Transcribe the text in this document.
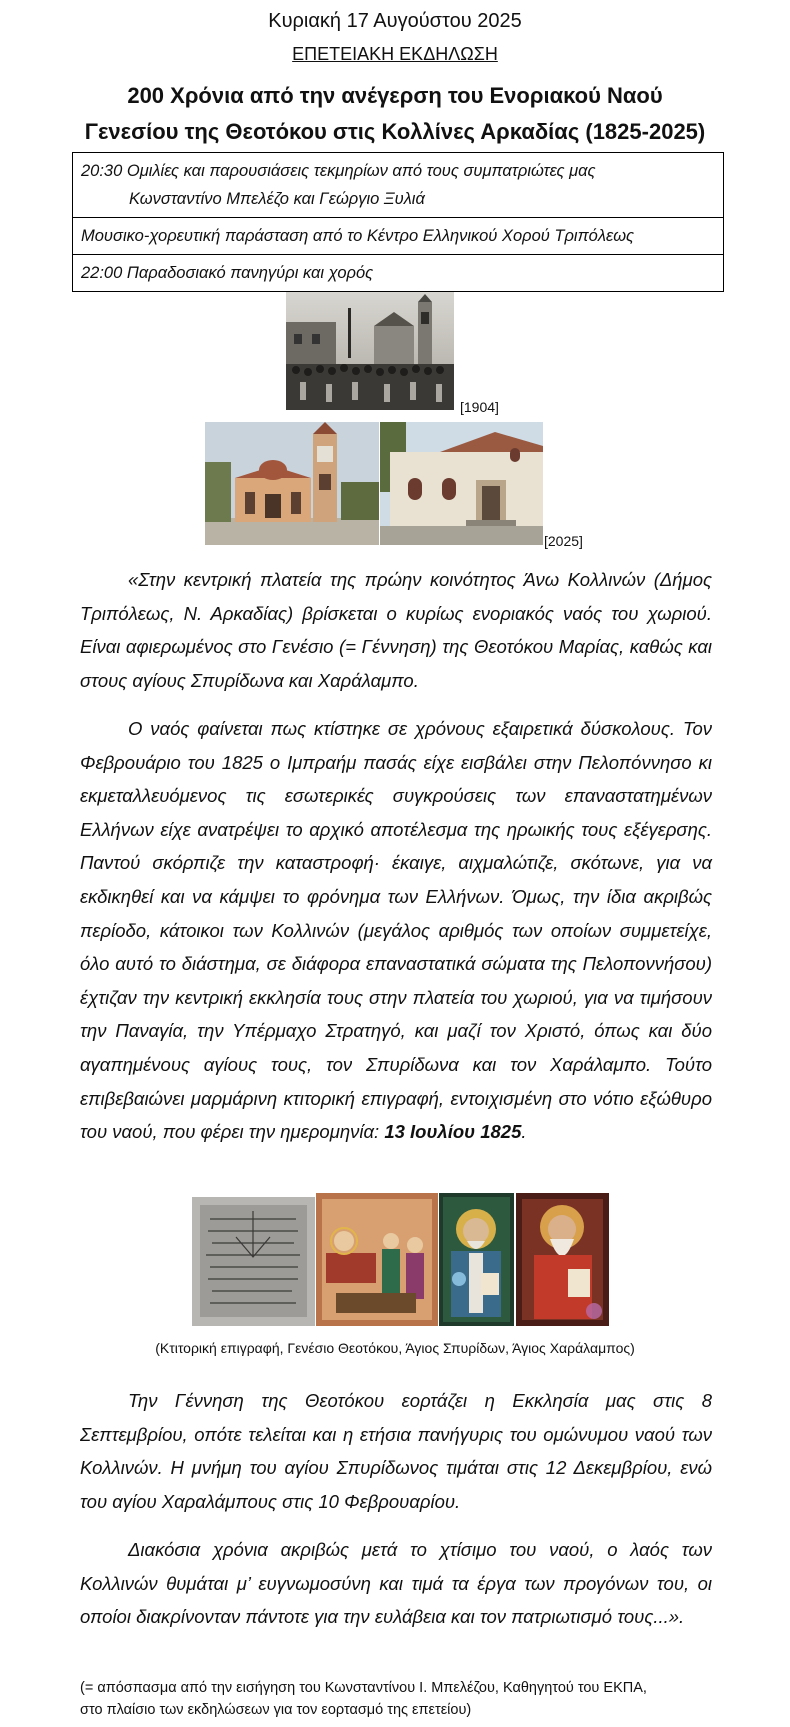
Κυριακή 17 Αυγούστου 2025
ΕΠΕΤΕΙΑΚΗ ΕΚΔΗΛΩΣΗ
200 Χρόνια από την ανέγερση του Ενοριακού Ναού
Γενεσίου της Θεοτόκου στις Κολλίνες Αρκαδίας (1825-2025)
20:30 Ομιλίες και παρουσιάσεις τεκμηρίων από τους συμπατριώτες μας
Κωνσταντίνο Μπελέζο και Γεώργιο Ξυλιά
Μουσικο-χορευτική παράσταση από το Κέντρο Ελληνικού Χορού Τριπόλεως
22:00 Παραδοσιακό πανηγύρι και χορός
[1904]
[2025]

«Στην κεντρική πλατεία της πρώην κοινότητος Άνω Κολλινών (Δήμος Τριπόλεως, Ν. Αρκαδίας) βρίσκεται ο κυρίως ενοριακός ναός του χωριού. Είναι αφιερωμένος στο Γενέσιο (= Γέννηση) της Θεοτόκου Μαρίας, καθώς και στους αγίους Σπυρίδωνα και Χαράλαμπο.

Ο ναός φαίνεται πως κτίστηκε σε χρόνους εξαιρετικά δύσκολους. Τον Φεβρουάριο του 1825 ο Ιμπραήμ πασάς είχε εισβάλει στην Πελοπόννησο κι εκμεταλλευόμενος τις εσωτερικές συγκρούσεις των επαναστατημένων Ελλήνων είχε ανατρέψει το αρχικό αποτέλεσμα της ηρωικής τους εξέγερσης. Παντού σκόρπιζε την καταστροφή· έκαιγε, αιχμαλώτιζε, σκότωνε, για να εκδικηθεί και να κάμψει το φρόνημα των Ελλήνων. Όμως, την ίδια ακριβώς περίοδο, κάτοικοι των Κολλινών (μεγάλος αριθμός των οποίων συμμετείχε, όλο αυτό το διάστημα, σε διάφορα επαναστατικά σώματα της Πελοποννήσου) έχτιζαν την κεντρική εκκλησία τους στην πλατεία του χωριού, για να τιμήσουν την Παναγία, την Υπέρμαχο Στρατηγό, και μαζί τον Χριστό, όπως και δύο αγαπημένους αγίους τους, τον Σπυρίδωνα και τον Χαράλαμπο. Τούτο επιβεβαιώνει μαρμάρινη κτιτορική επιγραφή, εντοιχισμένη στο νότιο εξώθυρο του ναού, που φέρει την ημερομηνία: 13 Ιουλίου 1825.

(Κτιτορική επιγραφή, Γενέσιο Θεοτόκου, Άγιος Σπυρίδων, Άγιος Χαράλαμπος)

Την Γέννηση της Θεοτόκου εορτάζει η Εκκλησία μας στις 8 Σεπτεμβρίου, οπότε τελείται και η ετήσια πανήγυρις του ομώνυμου ναού των Κολλινών. Η μνήμη του αγίου Σπυρίδωνος τιμάται στις 12 Δεκεμβρίου, ενώ του αγίου Χαραλάμπους στις 10 Φεβρουαρίου.

Διακόσια χρόνια ακριβώς μετά το χτίσιμο του ναού, ο λαός των Κολλινών θυμάται μ’ ευγνωμοσύνη και τιμά τα έργα των προγόνων του, οι οποίοι διακρίνονταν πάντοτε για την ευλάβεια και τον πατριωτισμό τους...».

(= απόσπασμα από την εισήγηση του Κωνσταντίνου Ι. Μπελέζου, Καθηγητού του ΕΚΠΑ,
στο πλαίσιο των εκδηλώσεων για τον εορτασμό της επετείου)
